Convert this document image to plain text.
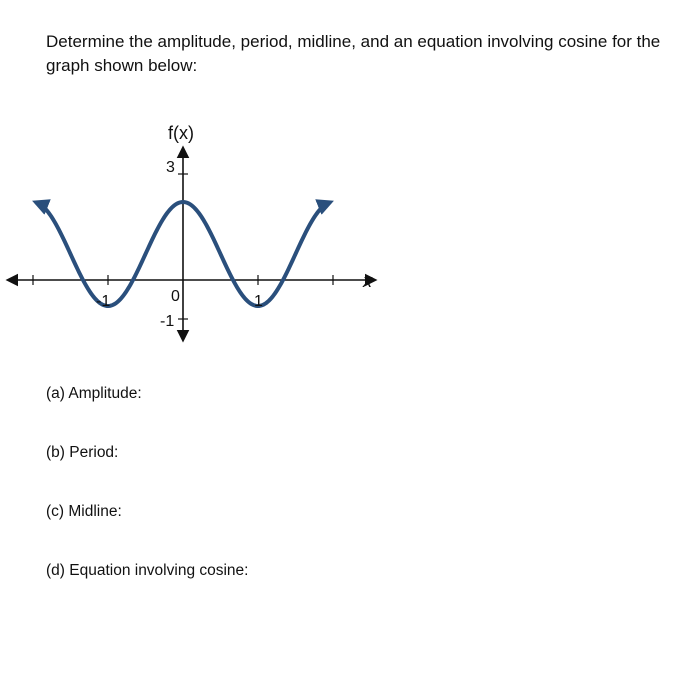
Determine the amplitude, period, midline, and an equation involving cosine for the graph shown below:

f(x)
x
3
-1
0
-1	1

(a) Amplitude:

(b) Period:

(c) Midline:

(d) Equation involving cosine:
